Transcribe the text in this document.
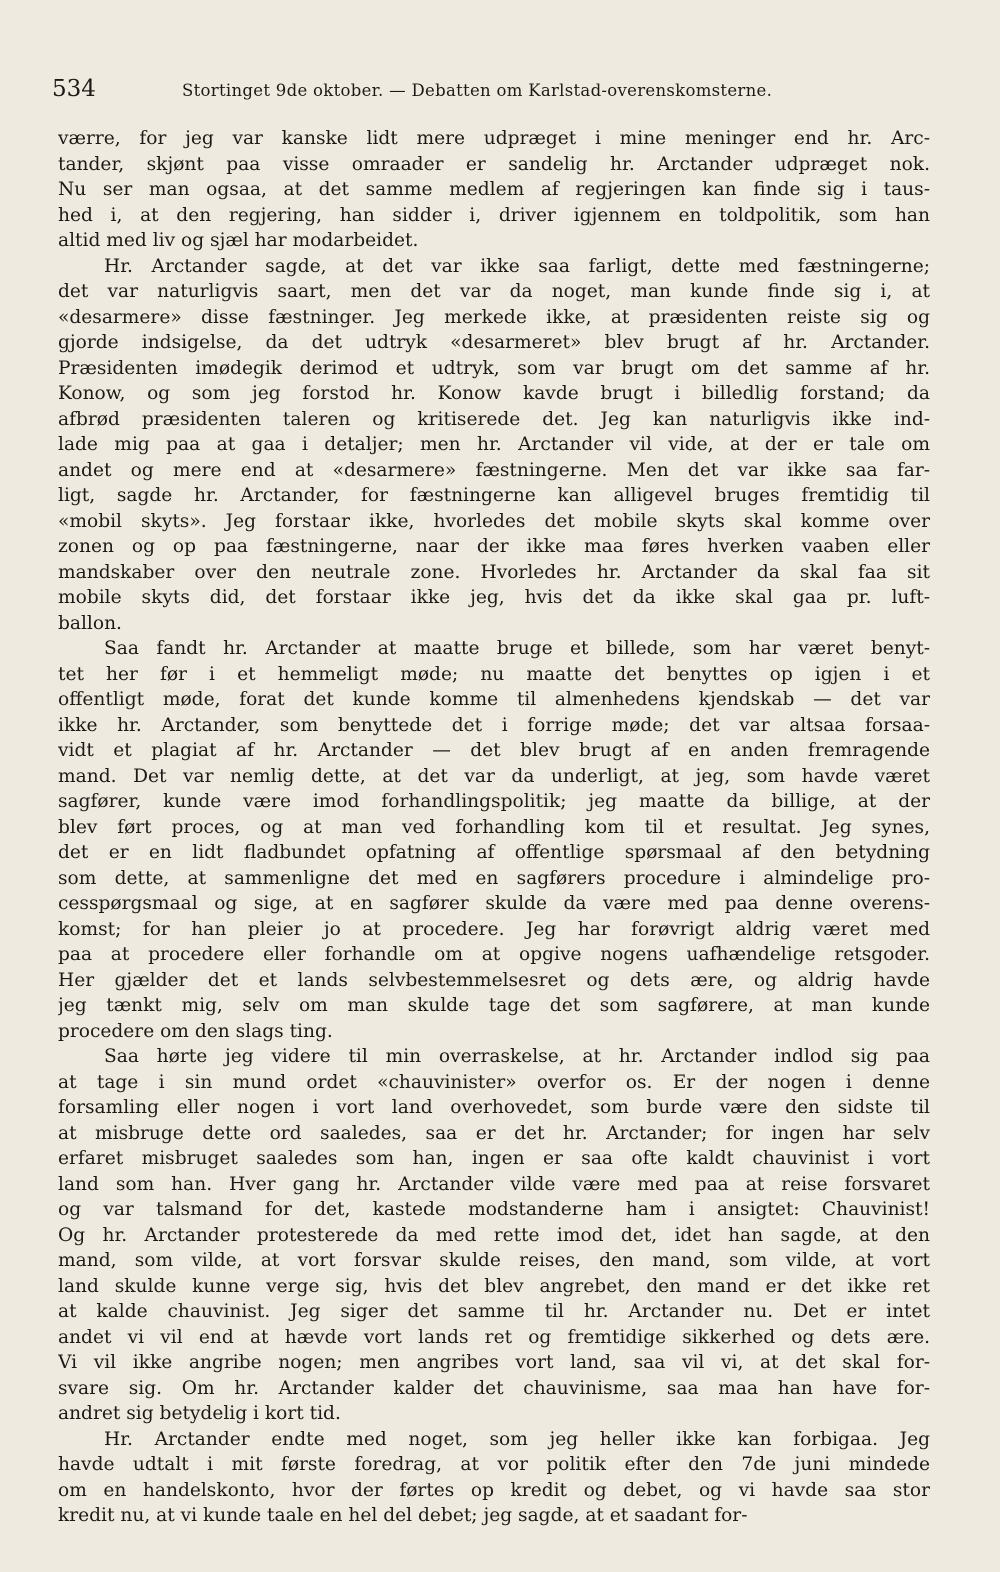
534	Stortinget 9de oktober. — Debatten om Karlstad-overenskomsterne.
værre, for jeg var kanske lidt mere udpræget i mine meninger end hr. Arc-
tander, skjønt paa visse omraader er sandelig hr. Arctander udpræget nok.
Nu ser man ogsaa, at det samme medlem af regjeringen kan finde sig i taus-
hed i, at den regjering, han sidder i, driver igjennem en toldpolitik, som han
altid med liv og sjæl har modarbeidet.
Hr. Arctander sagde, at det var ikke saa farligt, dette med fæstningerne;
det var naturligvis saart, men det var da noget, man kunde finde sig i, at
«desarmere» disse fæstninger. Jeg merkede ikke, at præsidenten reiste sig og
gjorde indsigelse, da det udtryk «desarmeret» blev brugt af hr. Arctander.
Præsidenten imødegik derimod et udtryk, som var brugt om det samme af hr.
Konow, og som jeg forstod hr. Konow kavde brugt i billedlig forstand; da
afbrød præsidenten taleren og kritiserede det. Jeg kan naturligvis ikke ind-
lade mig paa at gaa i detaljer; men hr. Arctander vil vide, at der er tale om
andet og mere end at «desarmere» fæstningerne. Men det var ikke saa far-
ligt, sagde hr. Arctander, for fæstningerne kan alligevel bruges fremtidig til
«mobil skyts». Jeg forstaar ikke, hvorledes det mobile skyts skal komme over
zonen og op paa fæstningerne, naar der ikke maa føres hverken vaaben eller
mandskaber over den neutrale zone. Hvorledes hr. Arctander da skal faa sit
mobile skyts did, det forstaar ikke jeg, hvis det da ikke skal gaa pr. luft-
ballon.
Saa fandt hr. Arctander at maatte bruge et billede, som har været benyt-
tet her før i et hemmeligt møde; nu maatte det benyttes op igjen i et
offentligt møde, forat det kunde komme til almenhedens kjendskab — det var
ikke hr. Arctander, som benyttede det i forrige møde; det var altsaa forsaa-
vidt et plagiat af hr. Arctander — det blev brugt af en anden fremragende
mand. Det var nemlig dette, at det var da underligt, at jeg, som havde været
sagfører, kunde være imod forhandlingspolitik; jeg maatte da billige, at der
blev ført proces, og at man ved forhandling kom til et resultat. Jeg synes,
det er en lidt fladbundet opfatning af offentlige spørsmaal af den betydning
som dette, at sammenligne det med en sagførers procedure i almindelige pro-
cesspørgsmaal og sige, at en sagfører skulde da være med paa denne overens-
komst; for han pleier jo at procedere. Jeg har forøvrigt aldrig været med
paa at procedere eller forhandle om at opgive nogens uafhændelige retsgoder.
Her gjælder det et lands selvbestemmelsesret og dets ære, og aldrig havde
jeg tænkt mig, selv om man skulde tage det som sagførere, at man kunde
procedere om den slags ting.
Saa hørte jeg videre til min overraskelse, at hr. Arctander indlod sig paa
at tage i sin mund ordet «chauvinister» overfor os. Er der nogen i denne
forsamling eller nogen i vort land overhovedet, som burde være den sidste til
at misbruge dette ord saaledes, saa er det hr. Arctander; for ingen har selv
erfaret misbruget saaledes som han, ingen er saa ofte kaldt chauvinist i vort
land som han. Hver gang hr. Arctander vilde være med paa at reise forsvaret
og var talsmand for det, kastede modstanderne ham i ansigtet: Chauvinist!
Og hr. Arctander protesterede da med rette imod det, idet han sagde, at den
mand, som vilde, at vort forsvar skulde reises, den mand, som vilde, at vort
land skulde kunne verge sig, hvis det blev angrebet, den mand er det ikke ret
at kalde chauvinist. Jeg siger det samme til hr. Arctander nu. Det er intet
andet vi vil end at hævde vort lands ret og fremtidige sikkerhed og dets ære.
Vi vil ikke angribe nogen; men angribes vort land, saa vil vi, at det skal for-
svare sig. Om hr. Arctander kalder det chauvinisme, saa maa han have for-
andret sig betydelig i kort tid.
Hr. Arctander endte med noget, som jeg heller ikke kan forbigaa. Jeg
havde udtalt i mit første foredrag, at vor politik efter den 7de juni mindede
om en handelskonto, hvor der førtes op kredit og debet, og vi havde saa stor
kredit nu, at vi kunde taale en hel del debet; jeg sagde, at et saadant for-
